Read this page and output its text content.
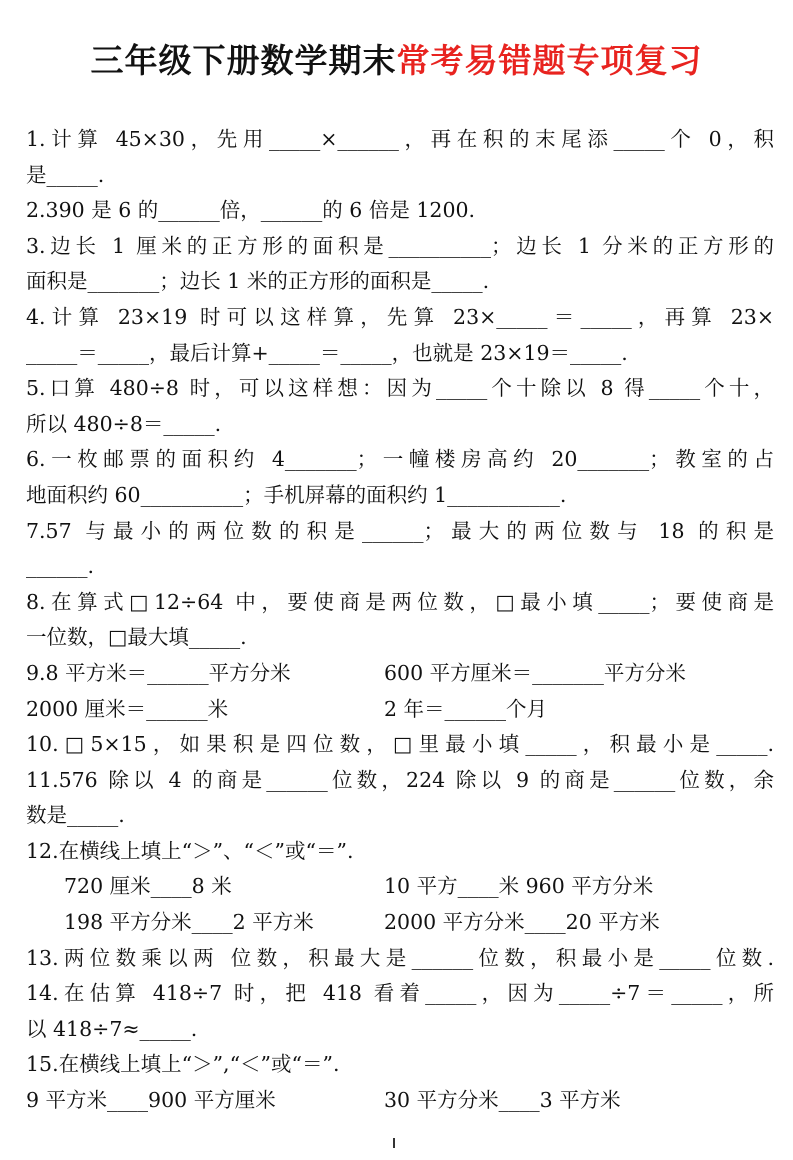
三年级下册数学期末常考易错题专项复习
1.计算 45×30，先用_____×______，再在积的末尾添_____个 0，积
是_____.
2.390 是 6 的______倍，______的 6 倍是 1200.
3.边长 1 厘米的正方形的面积是__________；边长 1 分米的正方形的
面积是_______；边长 1 米的正方形的面积是_____.
4.计算 23×19 时可以这样算，先算 23×_____＝_____，再算 23×
_____＝_____，最后计算+_____＝_____，也就是 23×19＝_____.
5.口算 480÷8 时，可以这样想：因为_____个十除以 8 得_____个十，
所以 480÷8＝_____.
6.一枚邮票的面积约 4_______；一幢楼房高约 20_______；教室的占
地面积约 60__________；手机屏幕的面积约 1___________.
7.57 与最小的两位数的积是______；最大的两位数与 18 的积是
______.
8.在算式□12÷64 中，要使商是两位数，□最小填_____；要使商是
一位数，□最大填_____.
9.8 平方米＝______平方分米	600 平方厘米＝_______平方分米
2000 厘米＝______米	2 年＝______个月
10.□5×15，如果积是四位数，□里最小填_____，积最小是_____.
11.576 除以 4 的商是______位数，224 除以 9 的商是______位数，余
数是_____.
12.在横线上填上“＞”、“＜”或“＝”.
720 厘米____8 米	10 平方____米 960 平方分米
198 平方分米____2 平方米	2000 平方分米____20 平方米
13.两位数乘以两 位数，积最大是______位数，积最小是_____位数.
14.在估算 418÷7 时，把 418 看着_____，因为_____÷7＝_____，所
以 418÷7≈_____.
15.在横线上填上“＞”,“＜”或“＝”.
9 平方米____900 平方厘米	30 平方分米____3 平方米
